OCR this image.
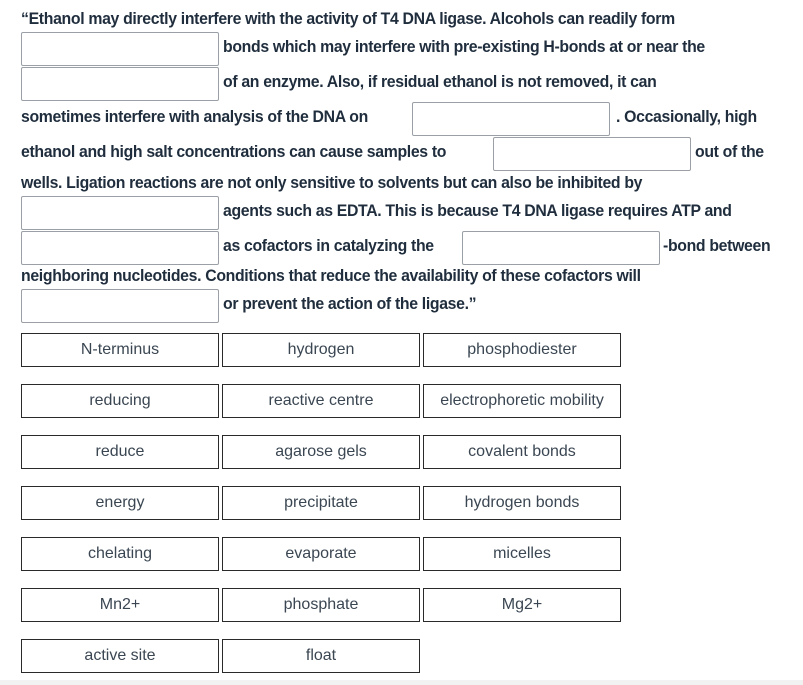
“Ethanol may directly interfere with the activity of T4 DNA ligase. Alcohols can readily form
bonds which may interfere with pre-existing H-bonds at or near the
of an enzyme. Also, if residual ethanol is not removed, it can
sometimes interfere with analysis of the DNA on	. Occasionally, high
ethanol and high salt concentrations can cause samples to	out of the
wells. Ligation reactions are not only sensitive to solvents but can also be inhibited by
agents such as EDTA. This is because T4 DNA ligase requires ATP and
as cofactors in catalyzing the	-bond between
neighboring nucleotides. Conditions that reduce the availability of these cofactors will
or prevent the action of the ligase.”
N-terminus	hydrogen	phosphodiester
reducing	reactive centre	electrophoretic mobility
reduce	agarose gels	covalent bonds
energy	precipitate	hydrogen bonds
chelating	evaporate	micelles
Mn2+	phosphate	Mg2+
active site	float
